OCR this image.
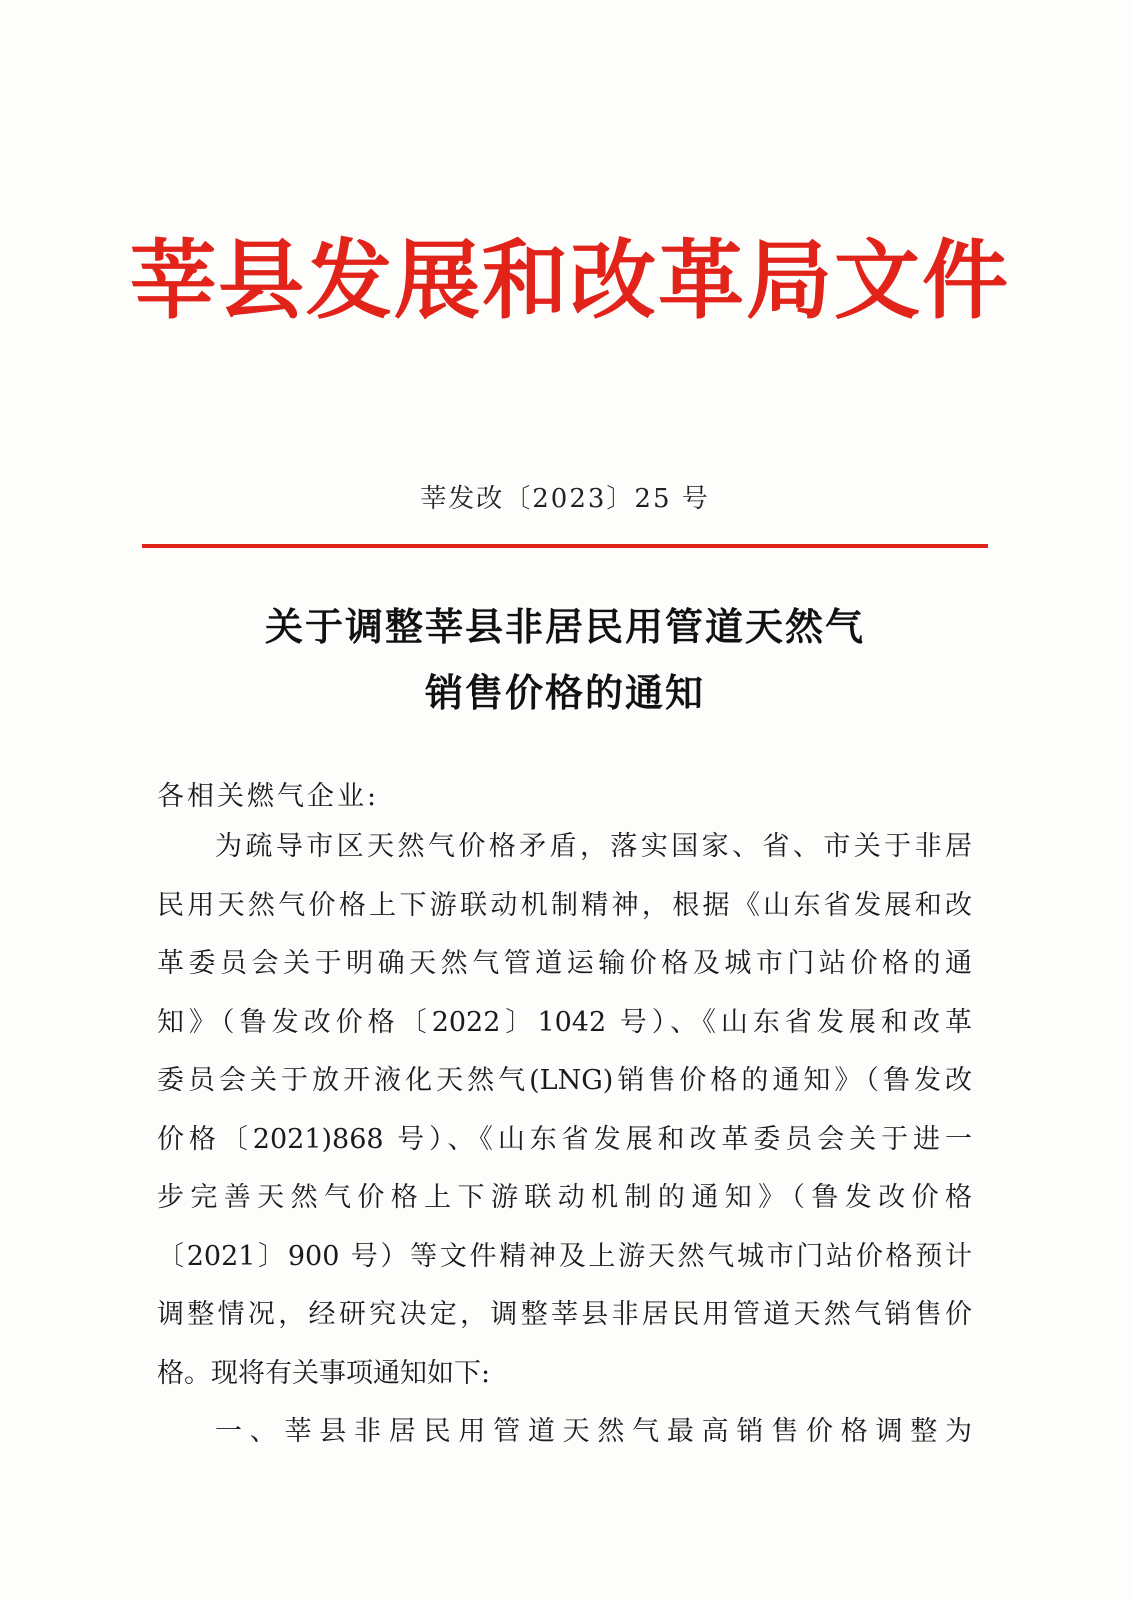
莘县发展和改革局文件
莘发改〔2023〕25 号
关于调整莘县非居民用管道天然气
销售价格的通知
各相关燃气企业:
为疏导市区天然气价格矛盾，落实国家、省、市关于非居
民用天然气价格上下游联动机制精神，根据《山东省发展和改
革委员会关于明确天然气管道运输价格及城市门站价格的通
知》（鲁发改价格〔2022〕1042 号）、《山东省发展和改革
委员会关于放开液化天然气(LNG)销售价格的通知》（鲁发改
价格〔2021)868 号）、《山东省发展和改革委员会关于进一
步完善天然气价格上下游联动机制的通知》（鲁发改价格
〔2021〕900 号）等文件精神及上游天然气城市门站价格预计
调整情况，经研究决定，调整莘县非居民用管道天然气销售价
格。现将有关事项通知如下:
一、莘县非居民用管道天然气最高销售价格调整为
